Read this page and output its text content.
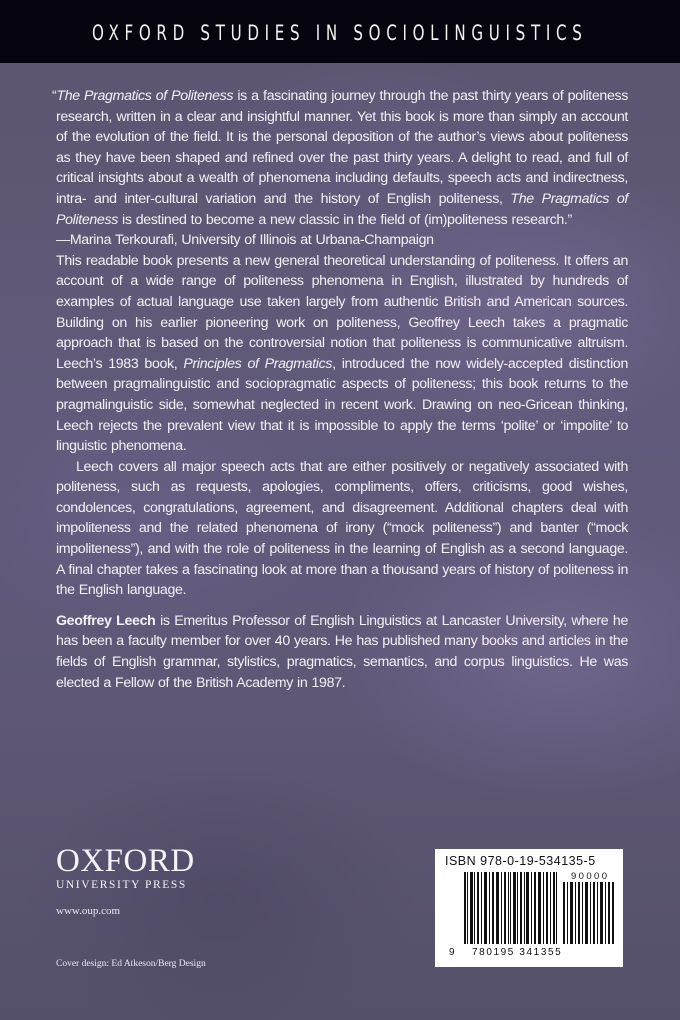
OXFORD STUDIES IN SOCIOLINGUISTICS

“The Pragmatics of Politeness is a fascinating journey through the past thirty years of politeness research, written in a clear and insightful manner. Yet this book is more than simply an account of the evolution of the field. It is the personal deposition of the author’s views about politeness as they have been shaped and refined over the past thirty years. A delight to read, and full of critical insights about a wealth of phenomena including defaults, speech acts and indirectness, intra- and inter-cultural variation and the history of English politeness, The Pragmatics of Politeness is destined to become a new classic in the field of (im)politeness research.”

—Marina Terkourafi, University of Illinois at Urbana-Champaign

This readable book presents a new general theoretical understanding of politeness. It offers an account of a wide range of politeness phenomena in English, illustrated by hundreds of examples of actual language use taken largely from authentic British and American sources. Building on his earlier pioneering work on politeness, Geoffrey Leech takes a pragmatic approach that is based on the controversial notion that politeness is communicative altruism. Leech’s 1983 book, Principles of Pragmatics, introduced the now widely-accepted distinction between pragmalinguistic and sociopragmatic aspects of politeness; this book returns to the pragmalinguistic side, somewhat neglected in recent work. Drawing on neo-Gricean thinking, Leech rejects the prevalent view that it is impossible to apply the terms ‘polite’ or ‘impolite’ to linguistic phenomena.

Leech covers all major speech acts that are either positively or negatively associated with politeness, such as requests, apologies, compliments, offers, criticisms, good wishes, condolences, congratulations, agreement, and disagreement. Additional chapters deal with impoliteness and the related phenomena of irony (“mock politeness”) and banter (“mock impoliteness”), and with the role of politeness in the learning of English as a second language. A final chapter takes a fascinating look at more than a thousand years of history of politeness in the English language.

Geoffrey Leech is Emeritus Professor of English Linguistics at Lancaster University, where he has been a faculty member for over 40 years. He has published many books and articles in the fields of English grammar, stylistics, pragmatics, semantics, and corpus linguistics. He was elected a Fellow of the British Academy in 1987.
OXFORD
UNIVERSITY PRESS
www.oup.com
Cover design: Ed Atkeson/Berg Design
ISBN 978-0-19-534135-5
90000
9 780195 341355
